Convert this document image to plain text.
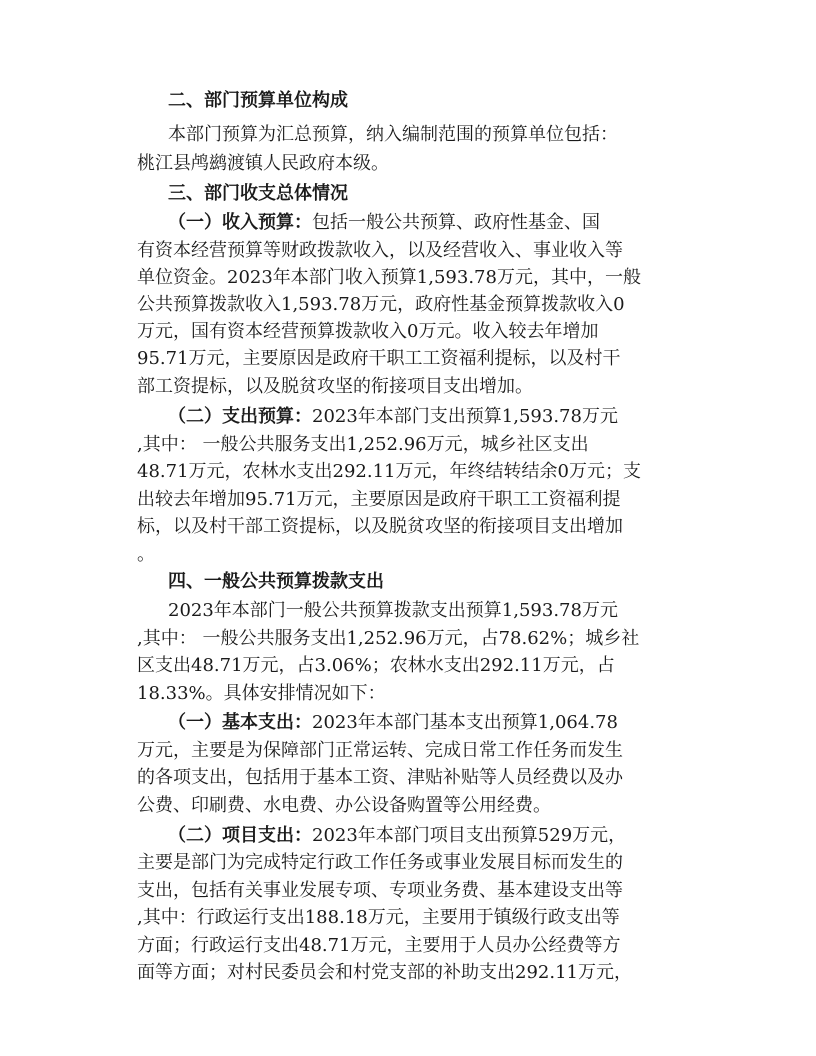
二、部门预算单位构成
本部门预算为汇总预算，纳入编制范围的预算单位包括：
桃江县鸬鹚渡镇人民政府本级。
三、部门收支总体情况
（一）收入预算：包括一般公共预算、政府性基金、国
有资本经营预算等财政拨款收入，以及经营收入、事业收入等
单位资金。2023年本部门收入预算1,593.78万元，其中，一般
公共预算拨款收入1,593.78万元，政府性基金预算拨款收入0
万元，国有资本经营预算拨款收入0万元。收入较去年增加
95.71万元，主要原因是政府干职工工资福利提标，以及村干
部工资提标，以及脱贫攻坚的衔接项目支出增加。
（二）支出预算：2023年本部门支出预算1,593.78万元
,其中： 一般公共服务支出1,252.96万元，城乡社区支出
48.71万元，农林水支出292.11万元，年终结转结余0万元；支
出较去年增加95.71万元，主要原因是政府干职工工资福利提
标，以及村干部工资提标，以及脱贫攻坚的衔接项目支出增加
。
四、一般公共预算拨款支出
2023年本部门一般公共预算拨款支出预算1,593.78万元
,其中： 一般公共服务支出1,252.96万元，占78.62%；城乡社
区支出48.71万元，占3.06%；农林水支出292.11万元，占
18.33%。具体安排情况如下：
（一）基本支出：2023年本部门基本支出预算1,064.78
万元，主要是为保障部门正常运转、完成日常工作任务而发生
的各项支出，包括用于基本工资、津贴补贴等人员经费以及办
公费、印刷费、水电费、办公设备购置等公用经费。
（二）项目支出：2023年本部门项目支出预算529万元，
主要是部门为完成特定行政工作任务或事业发展目标而发生的
支出，包括有关事业发展专项、专项业务费、基本建设支出等
,其中：行政运行支出188.18万元，主要用于镇级行政支出等
方面；行政运行支出48.71万元，主要用于人员办公经费等方
面等方面；对村民委员会和村党支部的补助支出292.11万元，
